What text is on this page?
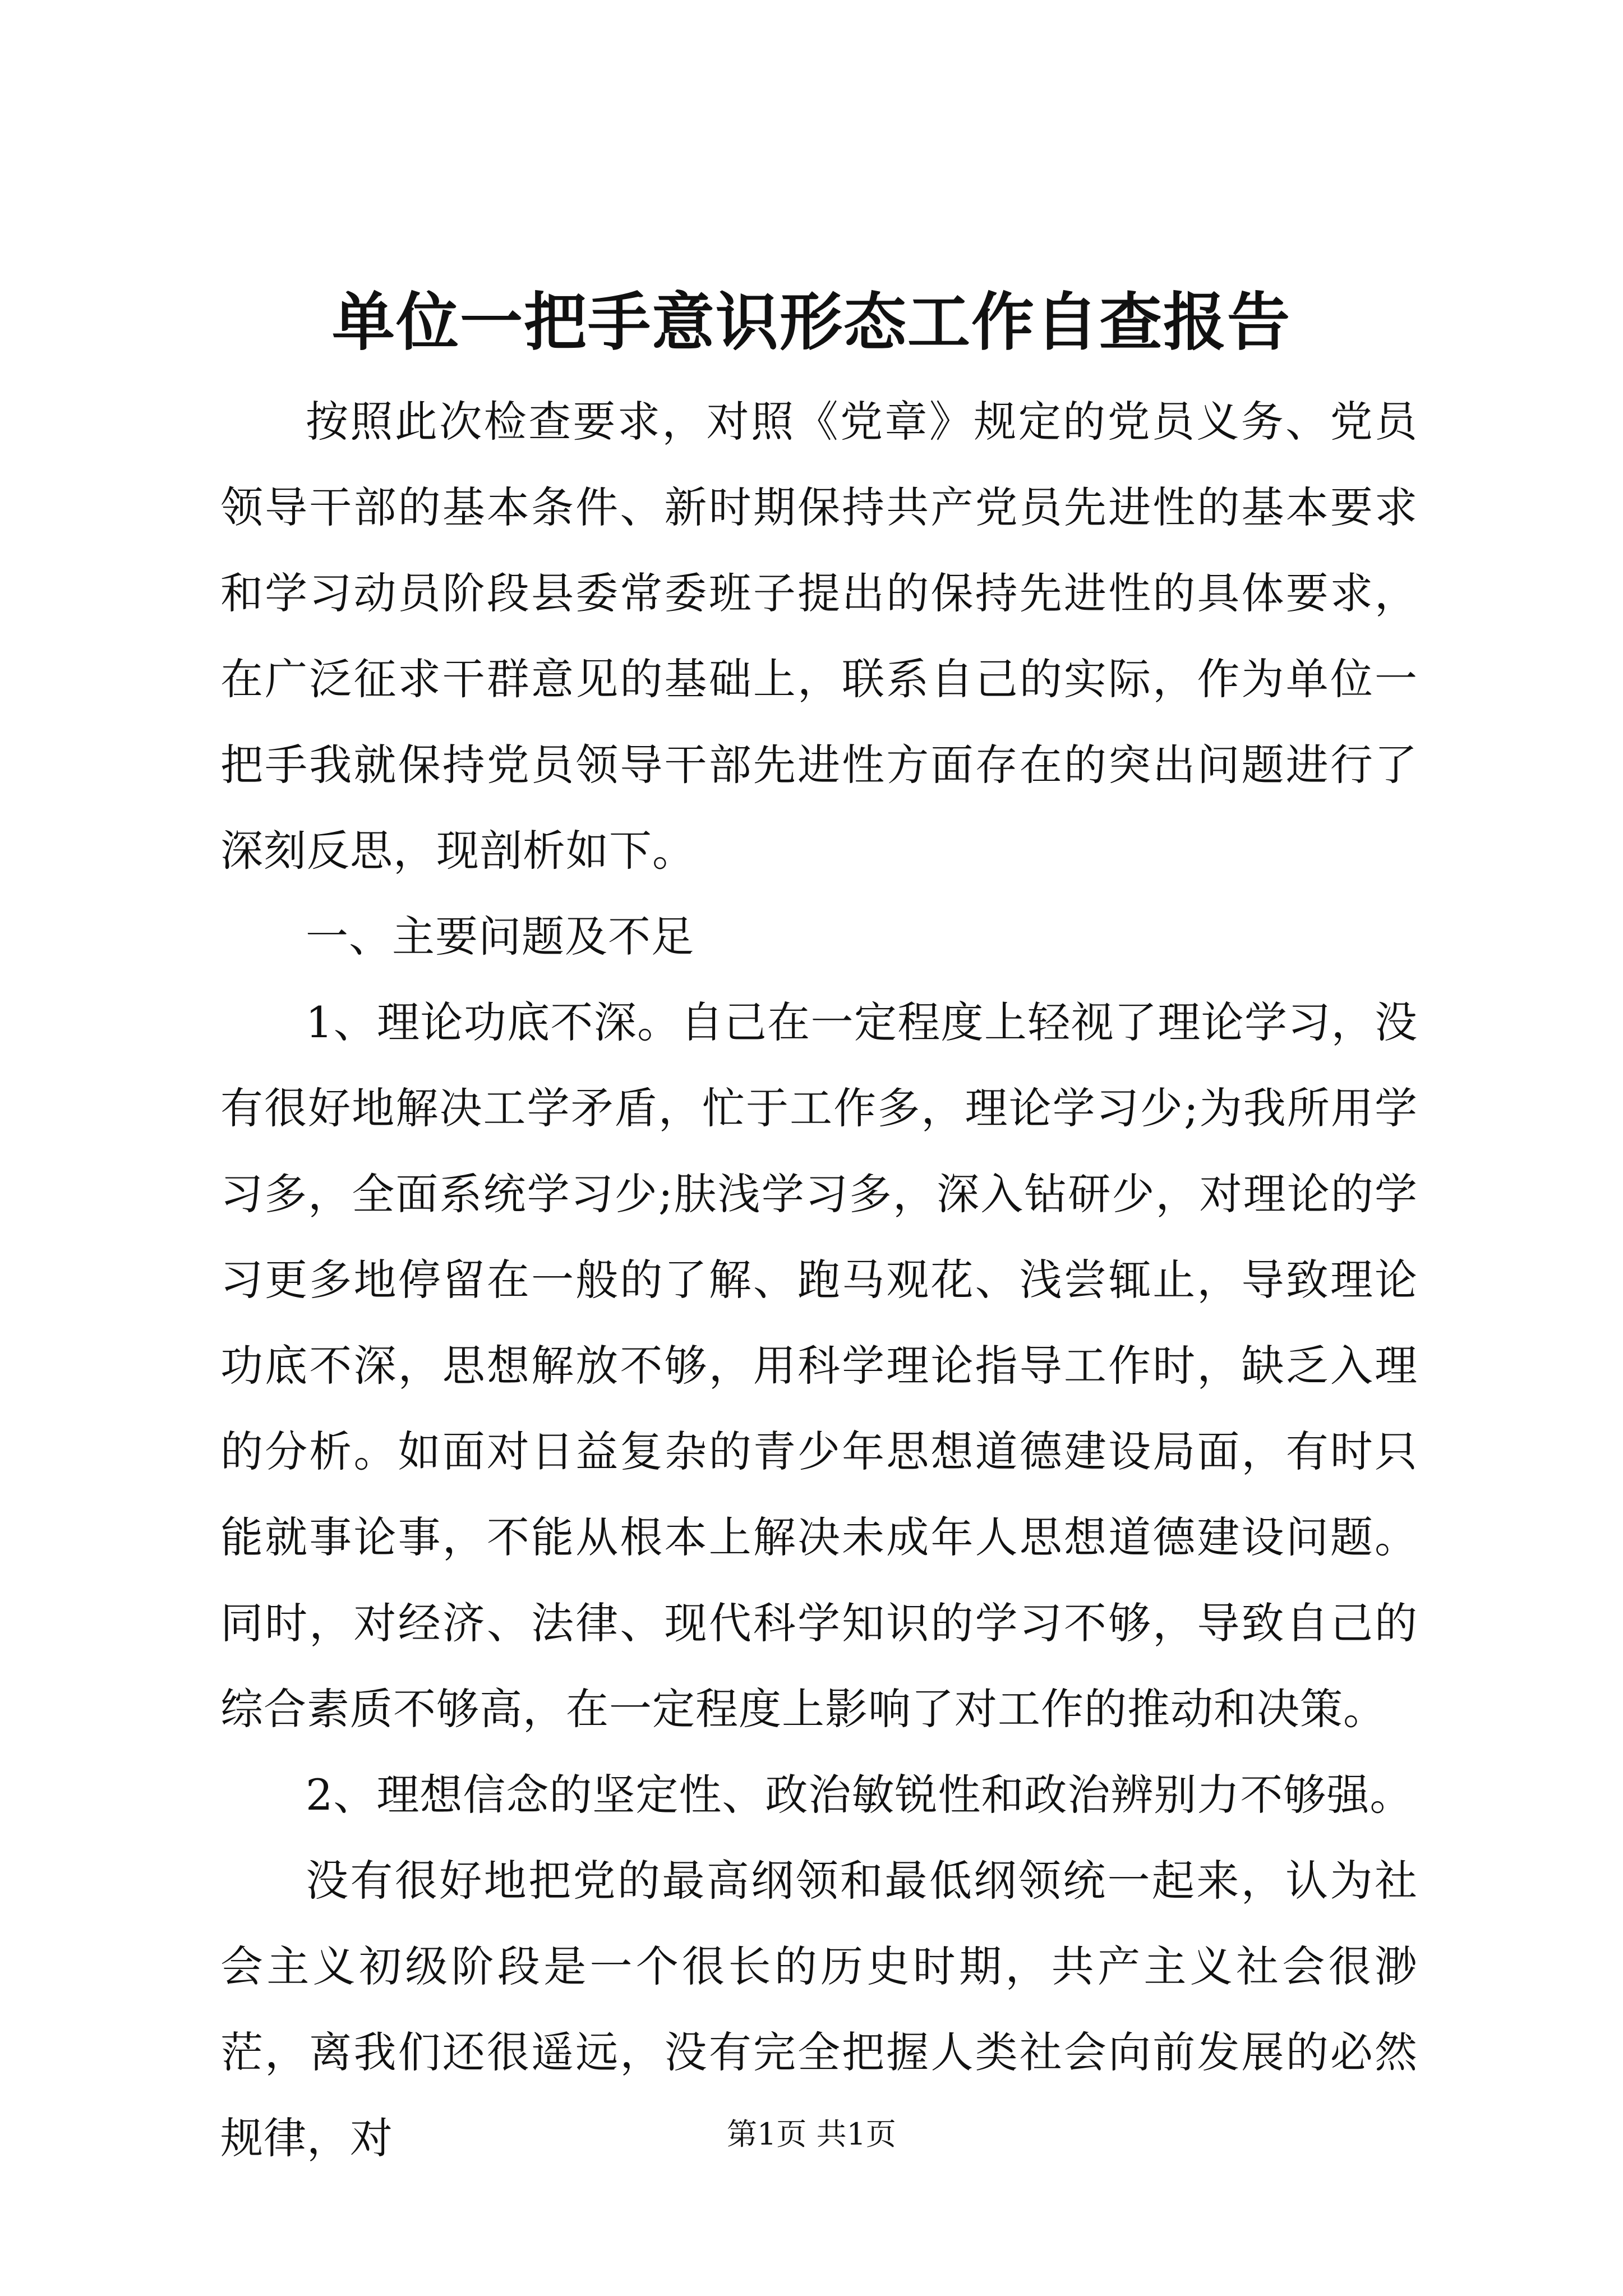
单位一把手意识形态工作自查报告

按照此次检查要求，对照《党章》规定的党员义务、党员领导干部的基本条件、新时期保持共产党员先进性的基本要求和学习动员阶段县委常委班子提出的保持先进性的具体要求，在广泛征求干群意见的基础上，联系自己的实际，作为单位一把手我就保持党员领导干部先进性方面存在的突出问题进行了深刻反思，现剖析如下。

一、主要问题及不足

1、理论功底不深。自己在一定程度上轻视了理论学习，没有很好地解决工学矛盾，忙于工作多，理论学习少;为我所用学习多，全面系统学习少;肤浅学习多，深入钻研少，对理论的学习更多地停留在一般的了解、跑马观花、浅尝辄止，导致理论功底不深，思想解放不够，用科学理论指导工作时，缺乏入理的分析。如面对日益复杂的青少年思想道德建设局面，有时只能就事论事，不能从根本上解决未成年人思想道德建设问题。同时，对经济、法律、现代科学知识的学习不够，导致自己的综合素质不够高，在一定程度上影响了对工作的推动和决策。

2、理想信念的坚定性、政治敏锐性和政治辨别力不够强。

没有很好地把党的最高纲领和最低纲领统一起来，认为社会主义初级阶段是一个很长的历史时期，共产主义社会很渺茫，离我们还很遥远，没有完全把握人类社会向前发展的必然规律，对	第1页 共1页
